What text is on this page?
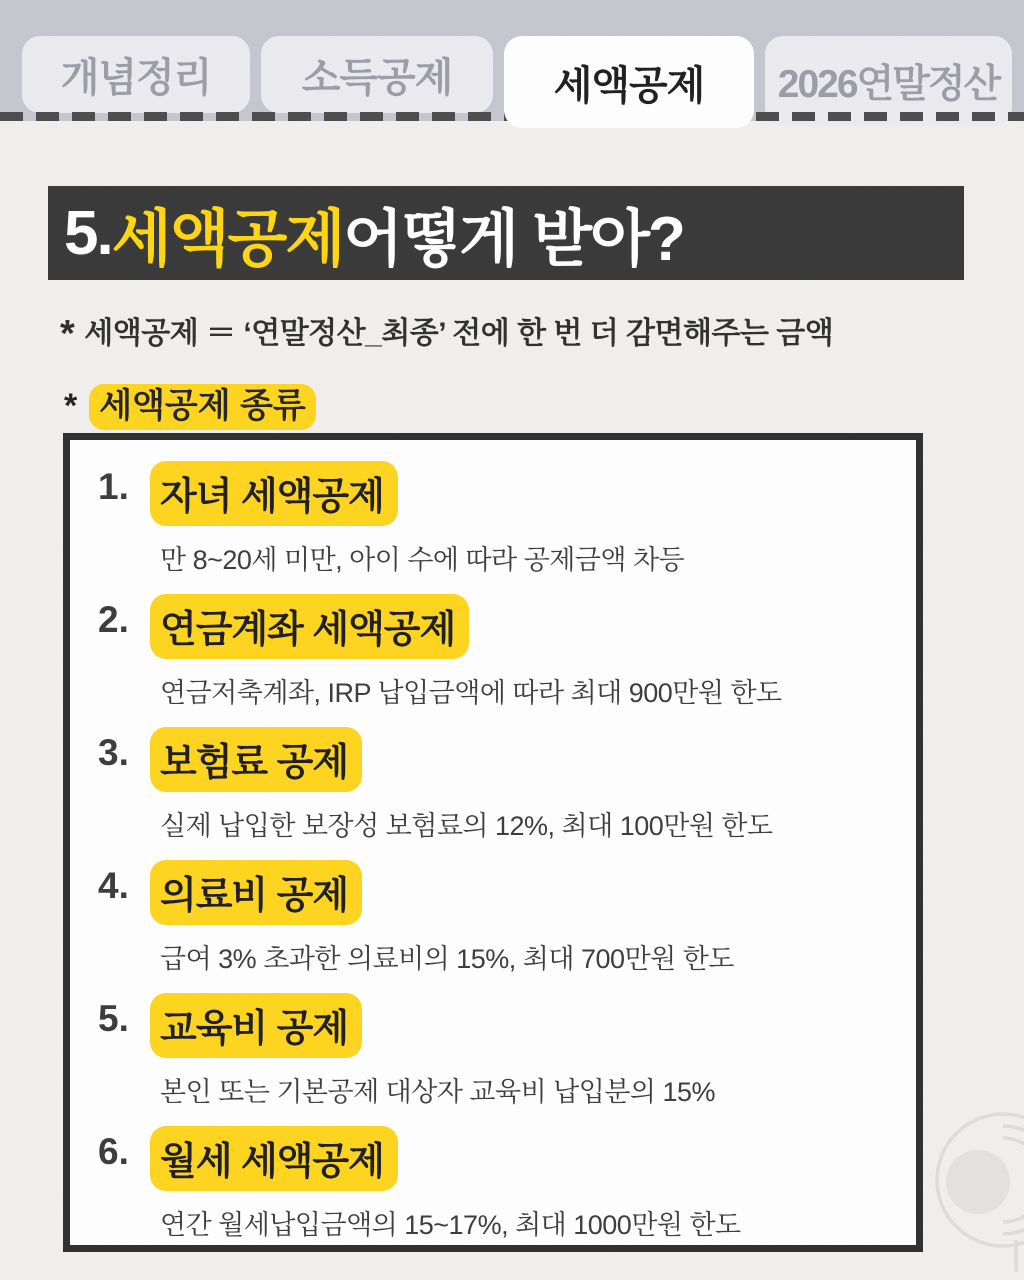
개념정리	소득공제	세액공제	2026연말정산
5. 세액공제 어떻게 받아?
* 세액공제 ＝ ‘연말정산_최종’ 전에 한 번 더 감면해주는 금액
* 세액공제 종류
1. 자녀 세액공제
만 8~20세 미만, 아이 수에 따라 공제금액 차등
2. 연금계좌 세액공제
연금저축계좌, IRP 납입금액에 따라 최대 900만원 한도
3. 보험료 공제
실제 납입한 보장성 보험료의 12%, 최대 100만원 한도
4. 의료비 공제
급여 3% 초과한 의료비의 15%, 최대 700만원 한도
5. 교육비 공제
본인 또는 기본공제 대상자 교육비 납입분의 15%
6. 월세 세액공제
연간 월세납입금액의 15~17%, 최대 1000만원 한도
